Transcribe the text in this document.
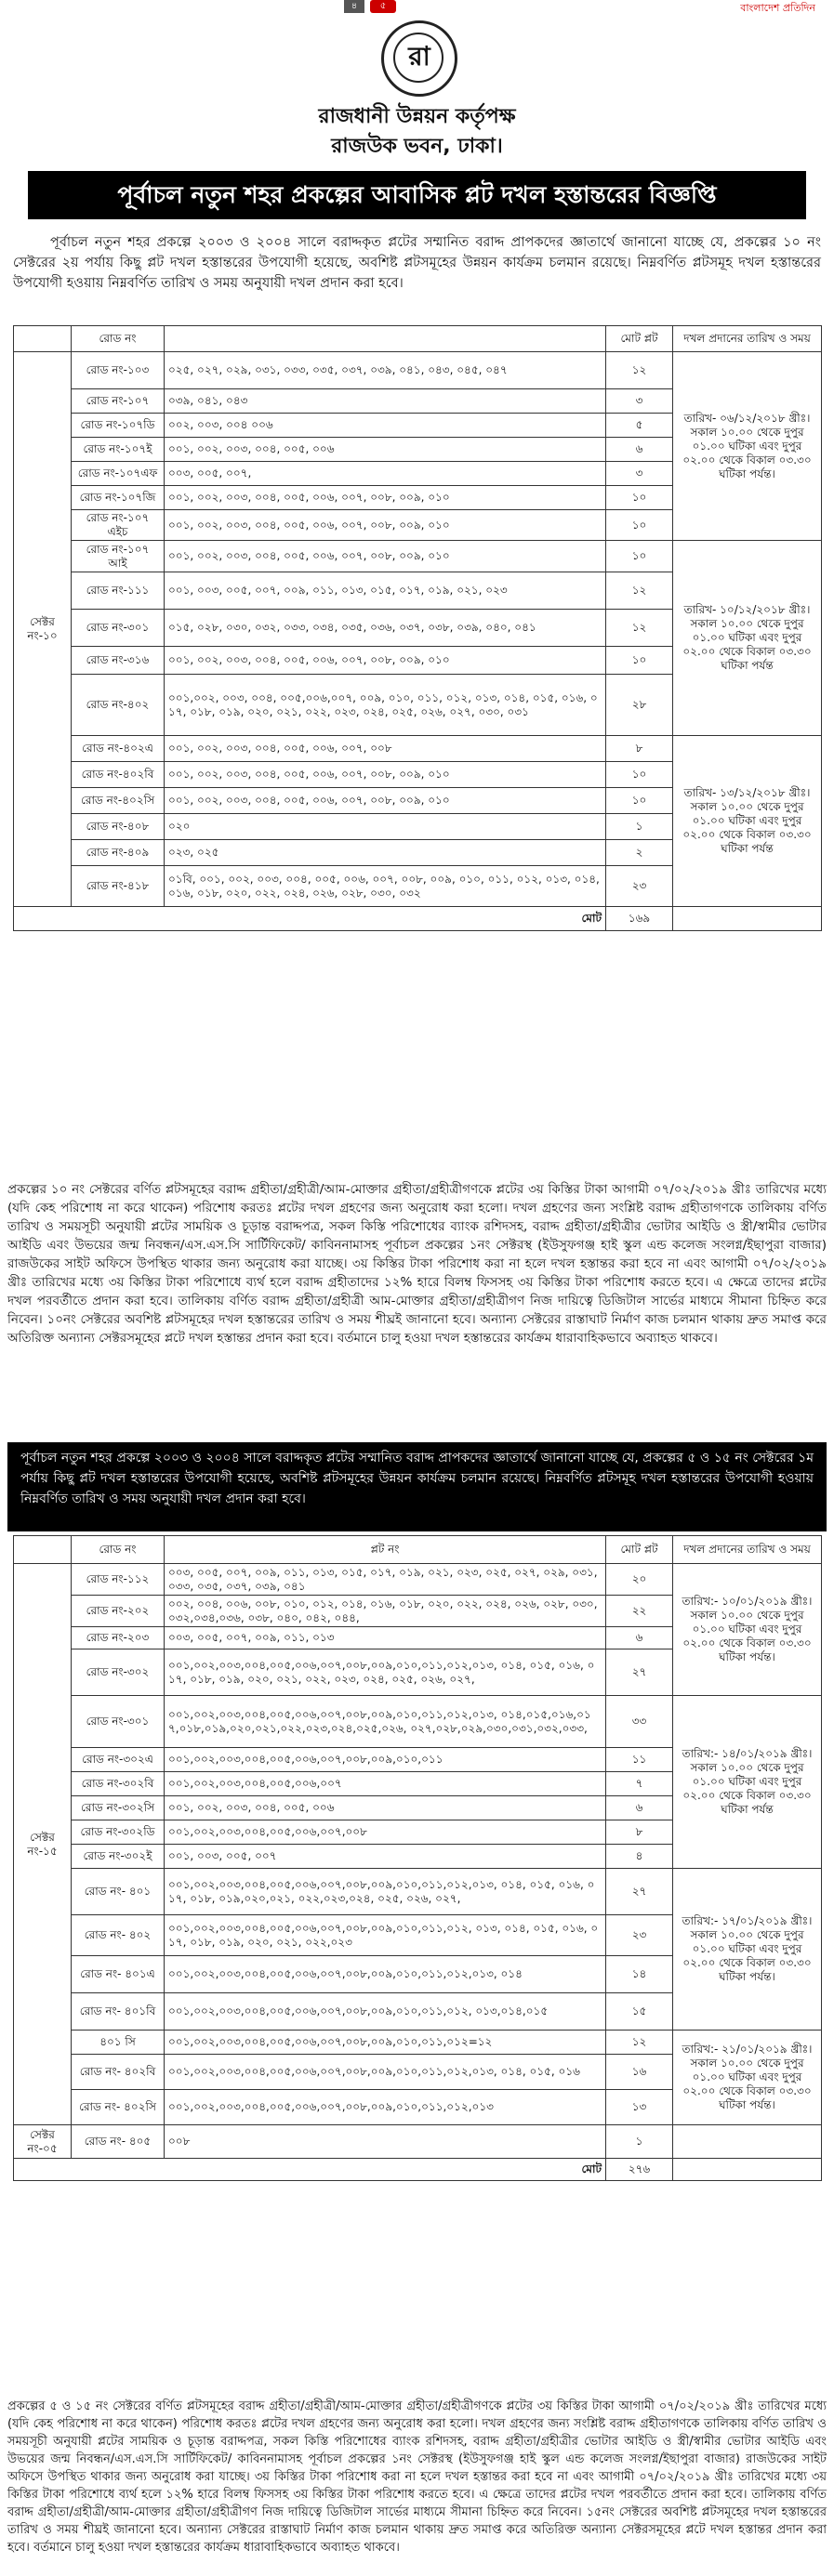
৪	৫	বাংলাদেশ প্রতিদিন
রা
রাজধানী উন্নয়ন কর্তৃপক্ষ
রাজউক ভবন, ঢাকা।
পূর্বাচল নতুন শহর প্রকল্পের আবাসিক প্লট দখল হস্তান্তরের বিজ্ঞপ্তি
পূর্বাচল নতুন শহর প্রকল্পে ২০০৩ ও ২০০৪ সালে বরাদ্দকৃত প্লটের সম্মানিত বরাদ্দ প্রাপকদের জ্ঞাতার্থে জানানো যাচ্ছে যে, প্রকল্পের ১০ নং সেক্টরের ২য় পর্যায় কিছু প্লট দখল হস্তান্তরের উপযোগী হয়েছে, অবশিষ্ট প্লটসমূহের উন্নয়ন কার্যক্রম চলমান রয়েছে। নিম্নবর্ণিত প্লটসমূহ দখল হস্তান্তরের উপযোগী হওয়ায় নিম্নবর্ণিত তারিখ ও সময় অনুযায়ী দখল প্রদান করা হবে।
	রোড নং		মোট প্লট	দখল প্রদানের তারিখ ও সময়
সেক্টর নং-১০	রোড নং-১০৩	০২৫, ০২৭, ০২৯, ০৩১, ০৩৩, ০৩৫, ০৩৭, ০৩৯, ০৪১, ০৪৩, ০৪৫, ০৪৭	১২	তারিখ- ০৬/১২/২০১৮ খ্রীঃ। সকাল ১০.০০ থেকে দুপুর ০১.০০ ঘটিকা এবং দুপুর ০২.০০ থেকে বিকাল ০৩.৩০ ঘটিকা পর্যন্ত।
	রোড নং-১০৭	০৩৯, ০৪১, ০৪৩	৩	
	রোড নং-১০৭ডি	০০২, ০০৩, ০০৪ ০০৬	৫	
	রোড নং-১০৭ই	০০১, ০০২, ০০৩, ০০৪, ০০৫, ০০৬	৬	
	রোড নং-১০৭এফ	০০৩, ০০৫, ০০৭,	৩	
	রোড নং-১০৭জি	০০১, ০০২, ০০৩, ০০৪, ০০৫, ০০৬, ০০৭, ০০৮, ০০৯, ০১০	১০	
	রোড নং-১০৭ এইচ	০০১, ০০২, ০০৩, ০০৪, ০০৫, ০০৬, ০০৭, ০০৮, ০০৯, ০১০	১০	
	রোড নং-১০৭ আই	০০১, ০০২, ০০৩, ০০৪, ০০৫, ০০৬, ০০৭, ০০৮, ০০৯, ০১০	১০	তারিখ- ১০/১২/২০১৮ খ্রীঃ। সকাল ১০.০০ থেকে দুপুর ০১.০০ ঘটিকা এবং দুপুর ০২.০০ থেকে বিকাল ০৩.৩০ ঘটিকা পর্যন্ত
	রোড নং-১১১	০০১, ০০৩, ০০৫, ০০৭, ০০৯, ০১১, ০১৩, ০১৫, ০১৭, ০১৯, ০২১, ০২৩	১২	
	রোড নং-৩০১	০১৫, ০২৮, ০৩০, ০৩২, ০৩৩, ০৩৪, ০৩৫, ০৩৬, ০৩৭, ০৩৮, ০৩৯, ০৪০, ০৪১	১২	
	রোড নং-৩১৬	০০১, ০০২, ০০৩, ০০৪, ০০৫, ০০৬, ০০৭, ০০৮, ০০৯, ০১০	১০	
	রোড নং-৪০২	০০১,০০২, ০০৩, ০০৪, ০০৫,০০৬,০০৭, ০০৯, ০১০, ০১১, ০১২, ০১৩, ০১৪, ০১৫, ০১৬, ০১৭, ০১৮, ০১৯, ০২০, ০২১, ০২২, ০২৩, ০২৪, ০২৫, ০২৬, ০২৭, ০৩০, ০৩১	২৮	
	রোড নং-৪০২এ	০০১, ০০২, ০০৩, ০০৪, ০০৫, ০০৬, ০০৭, ০০৮	৮	তারিখ- ১৩/১২/২০১৮ খ্রীঃ। সকাল ১০.০০ থেকে দুপুর ০১.০০ ঘটিকা এবং দুপুর ০২.০০ থেকে বিকাল ০৩.৩০ ঘটিকা পর্যন্ত
	রোড নং-৪০২বি	০০১, ০০২, ০০৩, ০০৪, ০০৫, ০০৬, ০০৭, ০০৮, ০০৯, ০১০	১০	
	রোড নং-৪০২সি	০০১, ০০২, ০০৩, ০০৪, ০০৫, ০০৬, ০০৭, ০০৮, ০০৯, ০১০	১০	
	রোড নং-৪০৮	০২০	১	
	রোড নং-৪০৯	০২৩, ০২৫	২	
	রোড নং-৪১৮	০১বি, ০০১, ০০২, ০০৩, ০০৪, ০০৫, ০০৬, ০০৭, ০০৮, ০০৯, ০১০, ০১১, ০১২, ০১৩, ০১৪, ০১৬, ০১৮, ০২০, ০২২, ০২৪, ০২৬, ০২৮, ০৩০, ০৩২	২৩	
মোট			১৬৯	
প্রকল্পের ১০ নং সেক্টরের বর্ণিত প্লটসমূহের বরাদ্দ গ্রহীতা/গ্রহীত্রী/আম-মোক্তার গ্রহীতা/গ্রহীত্রীগণকে প্লটের ৩য় কিস্তির টাকা আগামী ০৭/০২/২০১৯ খ্রীঃ তারিখের মধ্যে (যদি কেহ পরিশোধ না করে থাকেন) পরিশোধ করতঃ প্লটের দখল গ্রহণের জন্য অনুরোধ করা হলো। দখল গ্রহণের জন্য সংশ্লিষ্ট বরাদ্দ গ্রহীতাগণকে তালিকায় বর্ণিত তারিখ ও সময়সূচী অনুযায়ী প্লটের সাময়িক ও চূড়ান্ত বরাদ্দপত্র, সকল কিস্তি পরিশোধের ব্যাংক রশিদসহ, বরাদ্দ গ্রহীতা/গ্রহীত্রীর ভোটার আইডি ও স্ত্রী/স্বামীর ভোটার আইডি এবং উভয়ের জন্ম নিবন্ধন/এস.এস.সি সার্টিফিকেট/ কাবিননামাসহ পূর্বাচল প্রকল্পের ১নং সেক্টরস্থ (ইউসুফগঞ্জ হাই স্কুল এন্ড কলেজ সংলগ্ন/ইছাপুরা বাজার) রাজউকের সাইট অফিসে উপস্থিত থাকার জন্য অনুরোধ করা যাচ্ছে। ৩য় কিস্তির টাকা পরিশোধ করা না হলে দখল হস্তান্তর করা হবে না এবং আগামী ০৭/০২/২০১৯ খ্রীঃ তারিখের মধ্যে ৩য় কিস্তির টাকা পরিশোধে ব্যর্থ হলে বরাদ্দ গ্রহীতাদের ১২% হারে বিলম্ব ফিসসহ ৩য় কিস্তির টাকা পরিশোধ করতে হবে। এ ক্ষেত্রে তাদের প্লটের দখল পরবর্তীতে প্রদান করা হবে। তালিকায় বর্ণিত বরাদ্দ গ্রহীতা/গ্রহীত্রী আম-মোক্তার গ্রহীতা/গ্রহীত্রীগণ নিজ দায়িত্বে ডিজিটাল সার্ভের মাধ্যমে সীমানা চিহ্নিত করে নিবেন। ১০নং সেক্টরের অবশিষ্ট প্লটসমূহের দখল হস্তান্তরের তারিখ ও সময় শীঘ্রই জানানো হবে। অন্যান্য সেক্টরের রাস্তাঘাট নির্মাণ কাজ চলমান থাকায় দ্রুত সমাপ্ত করে অতিরিক্ত অন্যান্য সেক্টরসমূহের প্লটে দখল হস্তান্তর প্রদান করা হবে। বর্তমানে চালু হওয়া দখল হস্তান্তরের কার্যক্রম ধারাবাহিকভাবে অব্যাহত থাকবে।
পূর্বাচল নতুন শহর প্রকল্পে ২০০৩ ও ২০০৪ সালে বরাদ্দকৃত প্লটের সম্মানিত বরাদ্দ প্রাপকদের জ্ঞাতার্থে জানানো যাচ্ছে যে, প্রকল্পের ৫ ও ১৫ নং সেক্টরের ১ম পর্যায় কিছু প্লট দখল হস্তান্তরের উপযোগী হয়েছে, অবশিষ্ট প্লটসমূহের উন্নয়ন কার্যক্রম চলমান রয়েছে। নিম্নবর্ণিত প্লটসমূহ দখল হস্তান্তরের উপযোগী হওয়ায় নিম্নবর্ণিত তারিখ ও সময় অনুযায়ী দখল প্রদান করা হবে।
	রোড নং	প্লট নং	মোট প্লট	দখল প্রদানের তারিখ ও সময়
সেক্টর নং-১৫	রোড নং-১১২	০০৩, ০০৫, ০০৭, ০০৯, ০১১, ০১৩, ০১৫, ০১৭, ০১৯, ০২১, ০২৩, ০২৫, ০২৭, ০২৯, ০৩১, ০৩৩, ০৩৫, ০৩৭, ০৩৯, ০৪১	২০	তারিখ:- ১০/০১/২০১৯ খ্রীঃ। সকাল ১০.০০ থেকে দুপুর ০১.০০ ঘটিকা এবং দুপুর ০২.০০ থেকে বিকাল ০৩.৩০ ঘটিকা পর্যন্ত।
	রোড নং-২০২	০০২, ০০৪, ০০৬, ০০৮, ০১০, ০১২, ০১৪, ০১৬, ০১৮, ০২০, ০২২, ০২৪, ০২৬, ০২৮, ০৩০, ০৩২,০৩৪,০৩৬, ০৩৮, ০৪০, ০৪২, ০৪৪,	২২	
	রোড নং-২০৩	০০৩, ০০৫, ০০৭, ০০৯, ০১১, ০১৩	৬	
	রোড নং-৩০২	০০১,০০২,০০৩,০০৪,০০৫,০০৬,০০৭,০০৮,০০৯,০১০,০১১,০১২,০১৩, ০১৪, ০১৫, ০১৬, ০১৭, ০১৮, ০১৯, ০২০, ০২১, ০২২, ০২৩, ০২৪, ০২৫, ০২৬, ০২৭,	২৭	
	রোড নং-৩০১	০০১,০০২,০০৩,০০৪,০০৫,০০৬,০০৭,০০৮,০০৯,০১০,০১১,০১২,০১৩, ০১৪,০১৫,০১৬,০১৭,০১৮,০১৯,০২০,০২১,০২২,০২৩,০২৪,০২৫,০২৬, ০২৭,০২৮,০২৯,০৩০,০৩১,০৩২,০৩৩,	৩৩	তারিখ:- ১৪/০১/২০১৯ খ্রীঃ। সকাল ১০.০০ থেকে দুপুর ০১.০০ ঘটিকা এবং দুপুর ০২.০০ থেকে বিকাল ০৩.৩০ ঘটিকা পর্যন্ত
	রোড নং-৩০২এ	০০১,০০২,০০৩,০০৪,০০৫,০০৬,০০৭,০০৮,০০৯,০১০,০১১	১১	
	রোড নং-৩০২বি	০০১,০০২,০০৩,০০৪,০০৫,০০৬,০০৭	৭	
	রোড নং-৩০২সি	০০১, ০০২, ০০৩, ০০৪, ০০৫, ০০৬	৬	
	রোড নং-৩০২ডি	০০১,০০২,০০৩,০০৪,০০৫,০০৬,০০৭,০০৮	৮	
	রোড নং-৩০২ই	০০১, ০০৩, ০০৫, ০০৭	৪	
	রোড নং- ৪০১	০০১,০০২,০০৩,০০৪,০০৫,০০৬,০০৭,০০৮,০০৯,০১০,০১১,০১২,০১৩, ০১৪, ০১৫, ০১৬, ০১৭, ০১৮, ০১৯,০২০,০২১, ০২২,০২৩,০২৪, ০২৫, ০২৬, ০২৭,	২৭	তারিখ:- ১৭/০১/২০১৯ খ্রীঃ। সকাল ১০.০০ থেকে দুপুর ০১.০০ ঘটিকা এবং দুপুর ০২.০০ থেকে বিকাল ০৩.৩০ ঘটিকা পর্যন্ত।
	রোড নং- ৪০২	০০১,০০২,০০৩,০০৪,০০৫,০০৬,০০৭,০০৮,০০৯,০১০,০১১,০১২, ০১৩, ০১৪, ০১৫, ০১৬, ০১৭, ০১৮, ০১৯, ০২০, ০২১, ০২২,০২৩	২৩	
	রোড নং- ৪০১এ	০০১,০০২,০০৩,০০৪,০০৫,০০৬,০০৭,০০৮,০০৯,০১০,০১১,০১২,০১৩, ০১৪	১৪	
	রোড নং- ৪০১বি	০০১,০০২,০০৩,০০৪,০০৫,০০৬,০০৭,০০৮,০০৯,০১০,০১১,০১২, ০১৩,০১৪,০১৫	১৫	
	৪০১ সি	০০১,০০২,০০৩,০০৪,০০৫,০০৬,০০৭,০০৮,০০৯,০১০,০১১,০১২=১২	১২	তারিখ:- ২১/০১/২০১৯ খ্রীঃ। সকাল ১০.০০ থেকে দুপুর ০১.০০ ঘটিকা এবং দুপুর ০২.০০ থেকে বিকাল ০৩.৩০ ঘটিকা পর্যন্ত।
	রোড নং- ৪০২বি	০০১,০০২,০০৩,০০৪,০০৫,০০৬,০০৭,০০৮,০০৯,০১০,০১১,০১২,০১৩, ০১৪, ০১৫, ০১৬	১৬	
	রোড নং- ৪০২সি	০০১,০০২,০০৩,০০৪,০০৫,০০৬,০০৭,০০৮,০০৯,০১০,০১১,০১২,০১৩	১৩	
সেক্টর নং-০৫	রোড নং- ৪০৫	০০৮	১	
মোট			২৭৬	
প্রকল্পের ৫ ও ১৫ নং সেক্টরের বর্ণিত প্লটসমূহের বরাদ্দ গ্রহীতা/গ্রহীত্রী/আম-মোক্তার গ্রহীতা/গ্রহীত্রীগণকে প্লটের ৩য় কিস্তির টাকা আগামী ০৭/০২/২০১৯ খ্রীঃ তারিখের মধ্যে (যদি কেহ পরিশোধ না করে থাকেন) পরিশোধ করতঃ প্লটের দখল গ্রহণের জন্য অনুরোধ করা হলো। দখল গ্রহণের জন্য সংশ্লিষ্ট বরাদ্দ গ্রহীতাগণকে তালিকায় বর্ণিত তারিখ ও সময়সূচী অনুযায়ী প্লটের সাময়িক ও চূড়ান্ত বরাদ্দপত্র, সকল কিস্তি পরিশোধের ব্যাংক রশিদসহ, বরাদ্দ গ্রহীতা/গ্রহীত্রীর ভোটার আইডি ও স্ত্রী/স্বামীর ভোটার আইডি এবং উভয়ের জন্ম নিবন্ধন/এস.এস.সি সার্টিফিকেট/ কাবিননামাসহ পূর্বাচল প্রকল্পের ১নং সেক্টরস্থ (ইউসুফগঞ্জ হাই স্কুল এন্ড কলেজ সংলগ্ন/ইছাপুরা বাজার) রাজউকের সাইট অফিসে উপস্থিত থাকার জন্য অনুরোধ করা যাচ্ছে। ৩য় কিস্তির টাকা পরিশোধ করা না হলে দখল হস্তান্তর করা হবে না এবং আগামী ০৭/০২/২০১৯ খ্রীঃ তারিখের মধ্যে ৩য় কিস্তির টাকা পরিশোধে ব্যর্থ হলে ১২% হারে বিলম্ব ফিসসহ ৩য় কিস্তির টাকা পরিশোধ করতে হবে। এ ক্ষেত্রে তাদের প্লটের দখল পরবর্তীতে প্রদান করা হবে। তালিকায় বর্ণিত বরাদ্দ গ্রহীতা/গ্রহীত্রী/আম-মোক্তার গ্রহীতা/গ্রহীত্রীগণ নিজ দায়িত্বে ডিজিটাল সার্ভের মাধ্যমে সীমানা চিহ্নিত করে নিবেন। ১৫নং সেক্টরের অবশিষ্ট প্লটসমূহের দখল হস্তান্তরের তারিখ ও সময় শীঘ্রই জানানো হবে। অন্যান্য সেক্টরের রাস্তাঘাট নির্মাণ কাজ চলমান থাকায় দ্রুত সমাপ্ত করে অতিরিক্ত অন্যান্য সেক্টরসমূহের প্লটে দখল হস্তান্তর প্রদান করা হবে। বর্তমানে চালু হওয়া দখল হস্তান্তরের কার্যক্রম ধারাবাহিকভাবে অব্যাহত থাকবে।
